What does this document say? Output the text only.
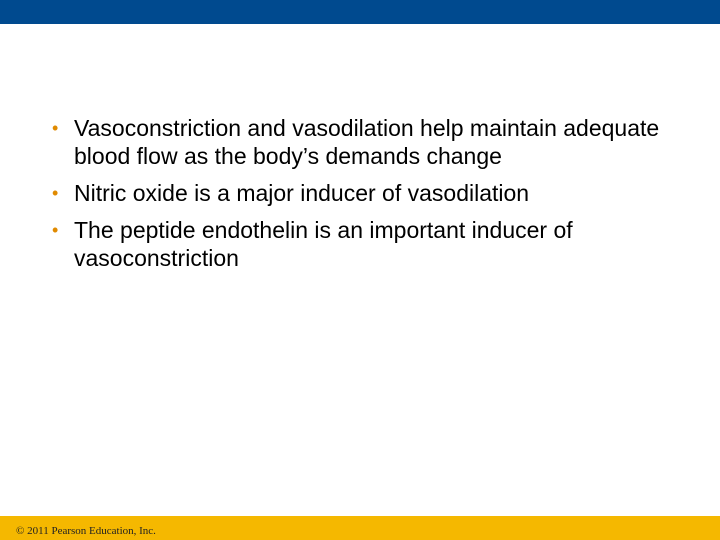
• Vasoconstriction and vasodilation help maintain adequate blood flow as the body’s demands change
• Nitric oxide is a major inducer of vasodilation
• The peptide endothelin is an important inducer of vasoconstriction
© 2011 Pearson Education, Inc.
